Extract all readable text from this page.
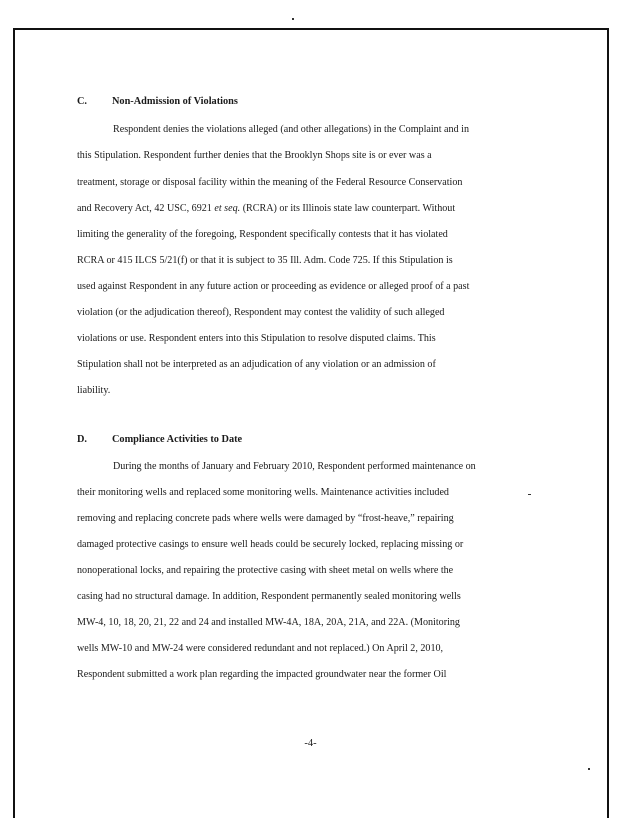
C. Non-Admission of Violations
Respondent denies the violations alleged (and other allegations) in the Complaint and in
this Stipulation. Respondent further denies that the Brooklyn Shops site is or ever was a
treatment, storage or disposal facility within the meaning of the Federal Resource Conservation
and Recovery Act, 42 USC, 6921 et seq. (RCRA) or its Illinois state law counterpart. Without
limiting the generality of the foregoing, Respondent specifically contests that it has violated
RCRA or 415 ILCS 5/21(f) or that it is subject to 35 Ill. Adm. Code 725. If this Stipulation is
used against Respondent in any future action or proceeding as evidence or alleged proof of a past
violation (or the adjudication thereof), Respondent may contest the validity of such alleged
violations or use. Respondent enters into this Stipulation to resolve disputed claims. This
Stipulation shall not be interpreted as an adjudication of any violation or an admission of
liability.
D. Compliance Activities to Date
During the months of January and February 2010, Respondent performed maintenance on
their monitoring wells and replaced some monitoring wells. Maintenance activities included
removing and replacing concrete pads where wells were damaged by “frost-heave,” repairing
damaged protective casings to ensure well heads could be securely locked, replacing missing or
nonoperational locks, and repairing the protective casing with sheet metal on wells where the
casing had no structural damage. In addition, Respondent permanently sealed monitoring wells
MW-4, 10, 18, 20, 21, 22 and 24 and installed MW-4A, 18A, 20A, 21A, and 22A. (Monitoring
wells MW-10 and MW-24 were considered redundant and not replaced.) On April 2, 2010,
Respondent submitted a work plan regarding the impacted groundwater near the former Oil
-4-
